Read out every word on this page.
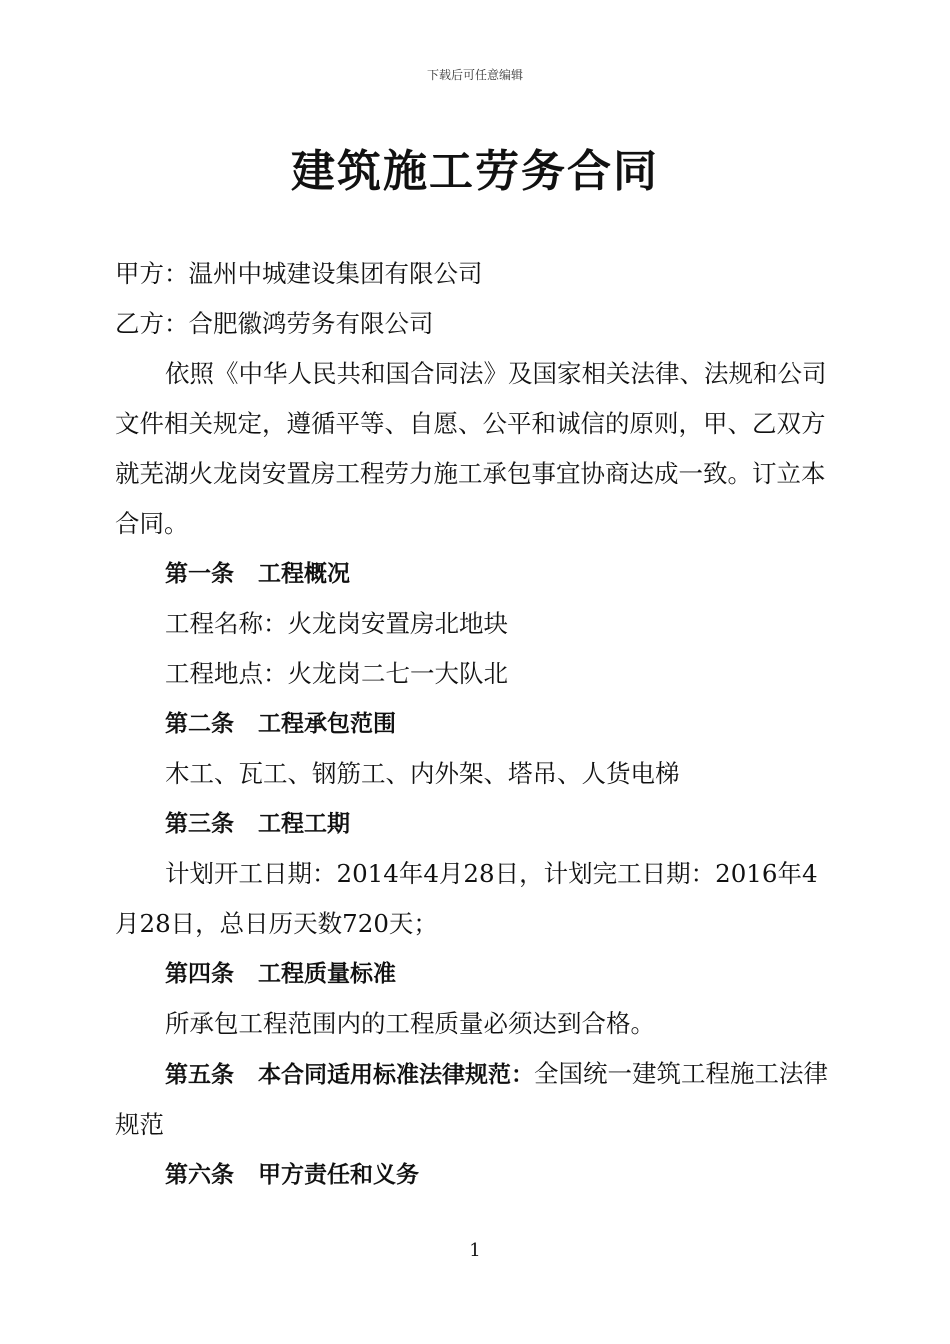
下载后可任意编辑
建筑施工劳务合同

甲方：温州中城建设集团有限公司

乙方：合肥徽鸿劳务有限公司

依照《中华人民共和国合同法》及国家相关法律、法规和公司文件相关规定，遵循平等、自愿、公平和诚信的原则，甲、乙双方就芜湖火龙岗安置房工程劳力施工承包事宜协商达成一致。订立本合同。

第一条 工程概况

工程名称：火龙岗安置房北地块

工程地点：火龙岗二七一大队北

第二条 工程承包范围

木工、瓦工、钢筋工、内外架、塔吊、人货电梯

第三条 工程工期

计划开工日期：2014年4月28日，计划完工日期：2016年4月28日，总日历天数720天；

第四条 工程质量标准

所承包工程范围内的工程质量必须达到合格。

第五条 本合同适用标准法律规范：全国统一建筑工程施工法律规范

第六条 甲方责任和义务

1
